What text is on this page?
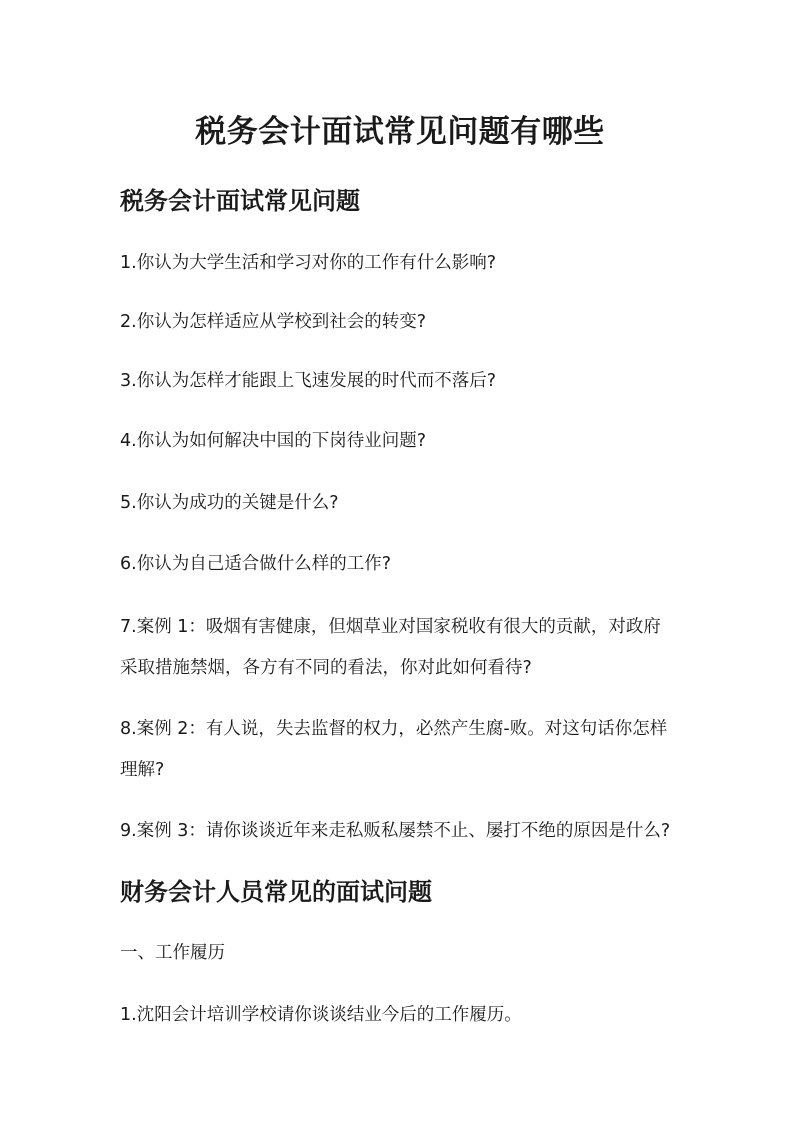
税务会计面试常见问题有哪些
税务会计面试常见问题
1.你认为大学生活和学习对你的工作有什么影响?
2.你认为怎样适应从学校到社会的转变?
3.你认为怎样才能跟上飞速发展的时代而不落后?
4.你认为如何解决中国的下岗待业问题?
5.你认为成功的关键是什么?
6.你认为自己适合做什么样的工作?
7.案例 1：吸烟有害健康，但烟草业对国家税收有很大的贡献，对政府
采取措施禁烟，各方有不同的看法，你对此如何看待?
8.案例 2：有人说，失去监督的权力，必然产生腐-败。对这句话你怎样
理解?
9.案例 3：请你谈谈近年来走私贩私屡禁不止、屡打不绝的原因是什么?
财务会计人员常见的面试问题
一、工作履历
1.沈阳会计培训学校请你谈谈结业今后的工作履历。
